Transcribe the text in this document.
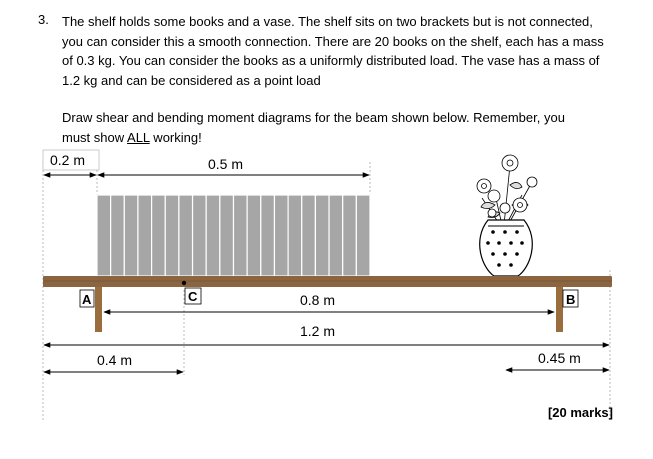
3. The shelf holds some books and a vase. The shelf sits on two brackets but is not connected,
you can consider this a smooth connection. There are 20 books on the shelf, each has a mass
of 0.3 kg. You can consider the books as a uniformly distributed load. The vase has a mass of
1.2 kg and can be considered as a point load
Draw shear and bending moment diagrams for the beam shown below. Remember, you
must show ALL working!
0.2 m	0.5 m
A	B
C	0.8 m
1.2 m
0.4 m	0.45 m
[20 marks]
